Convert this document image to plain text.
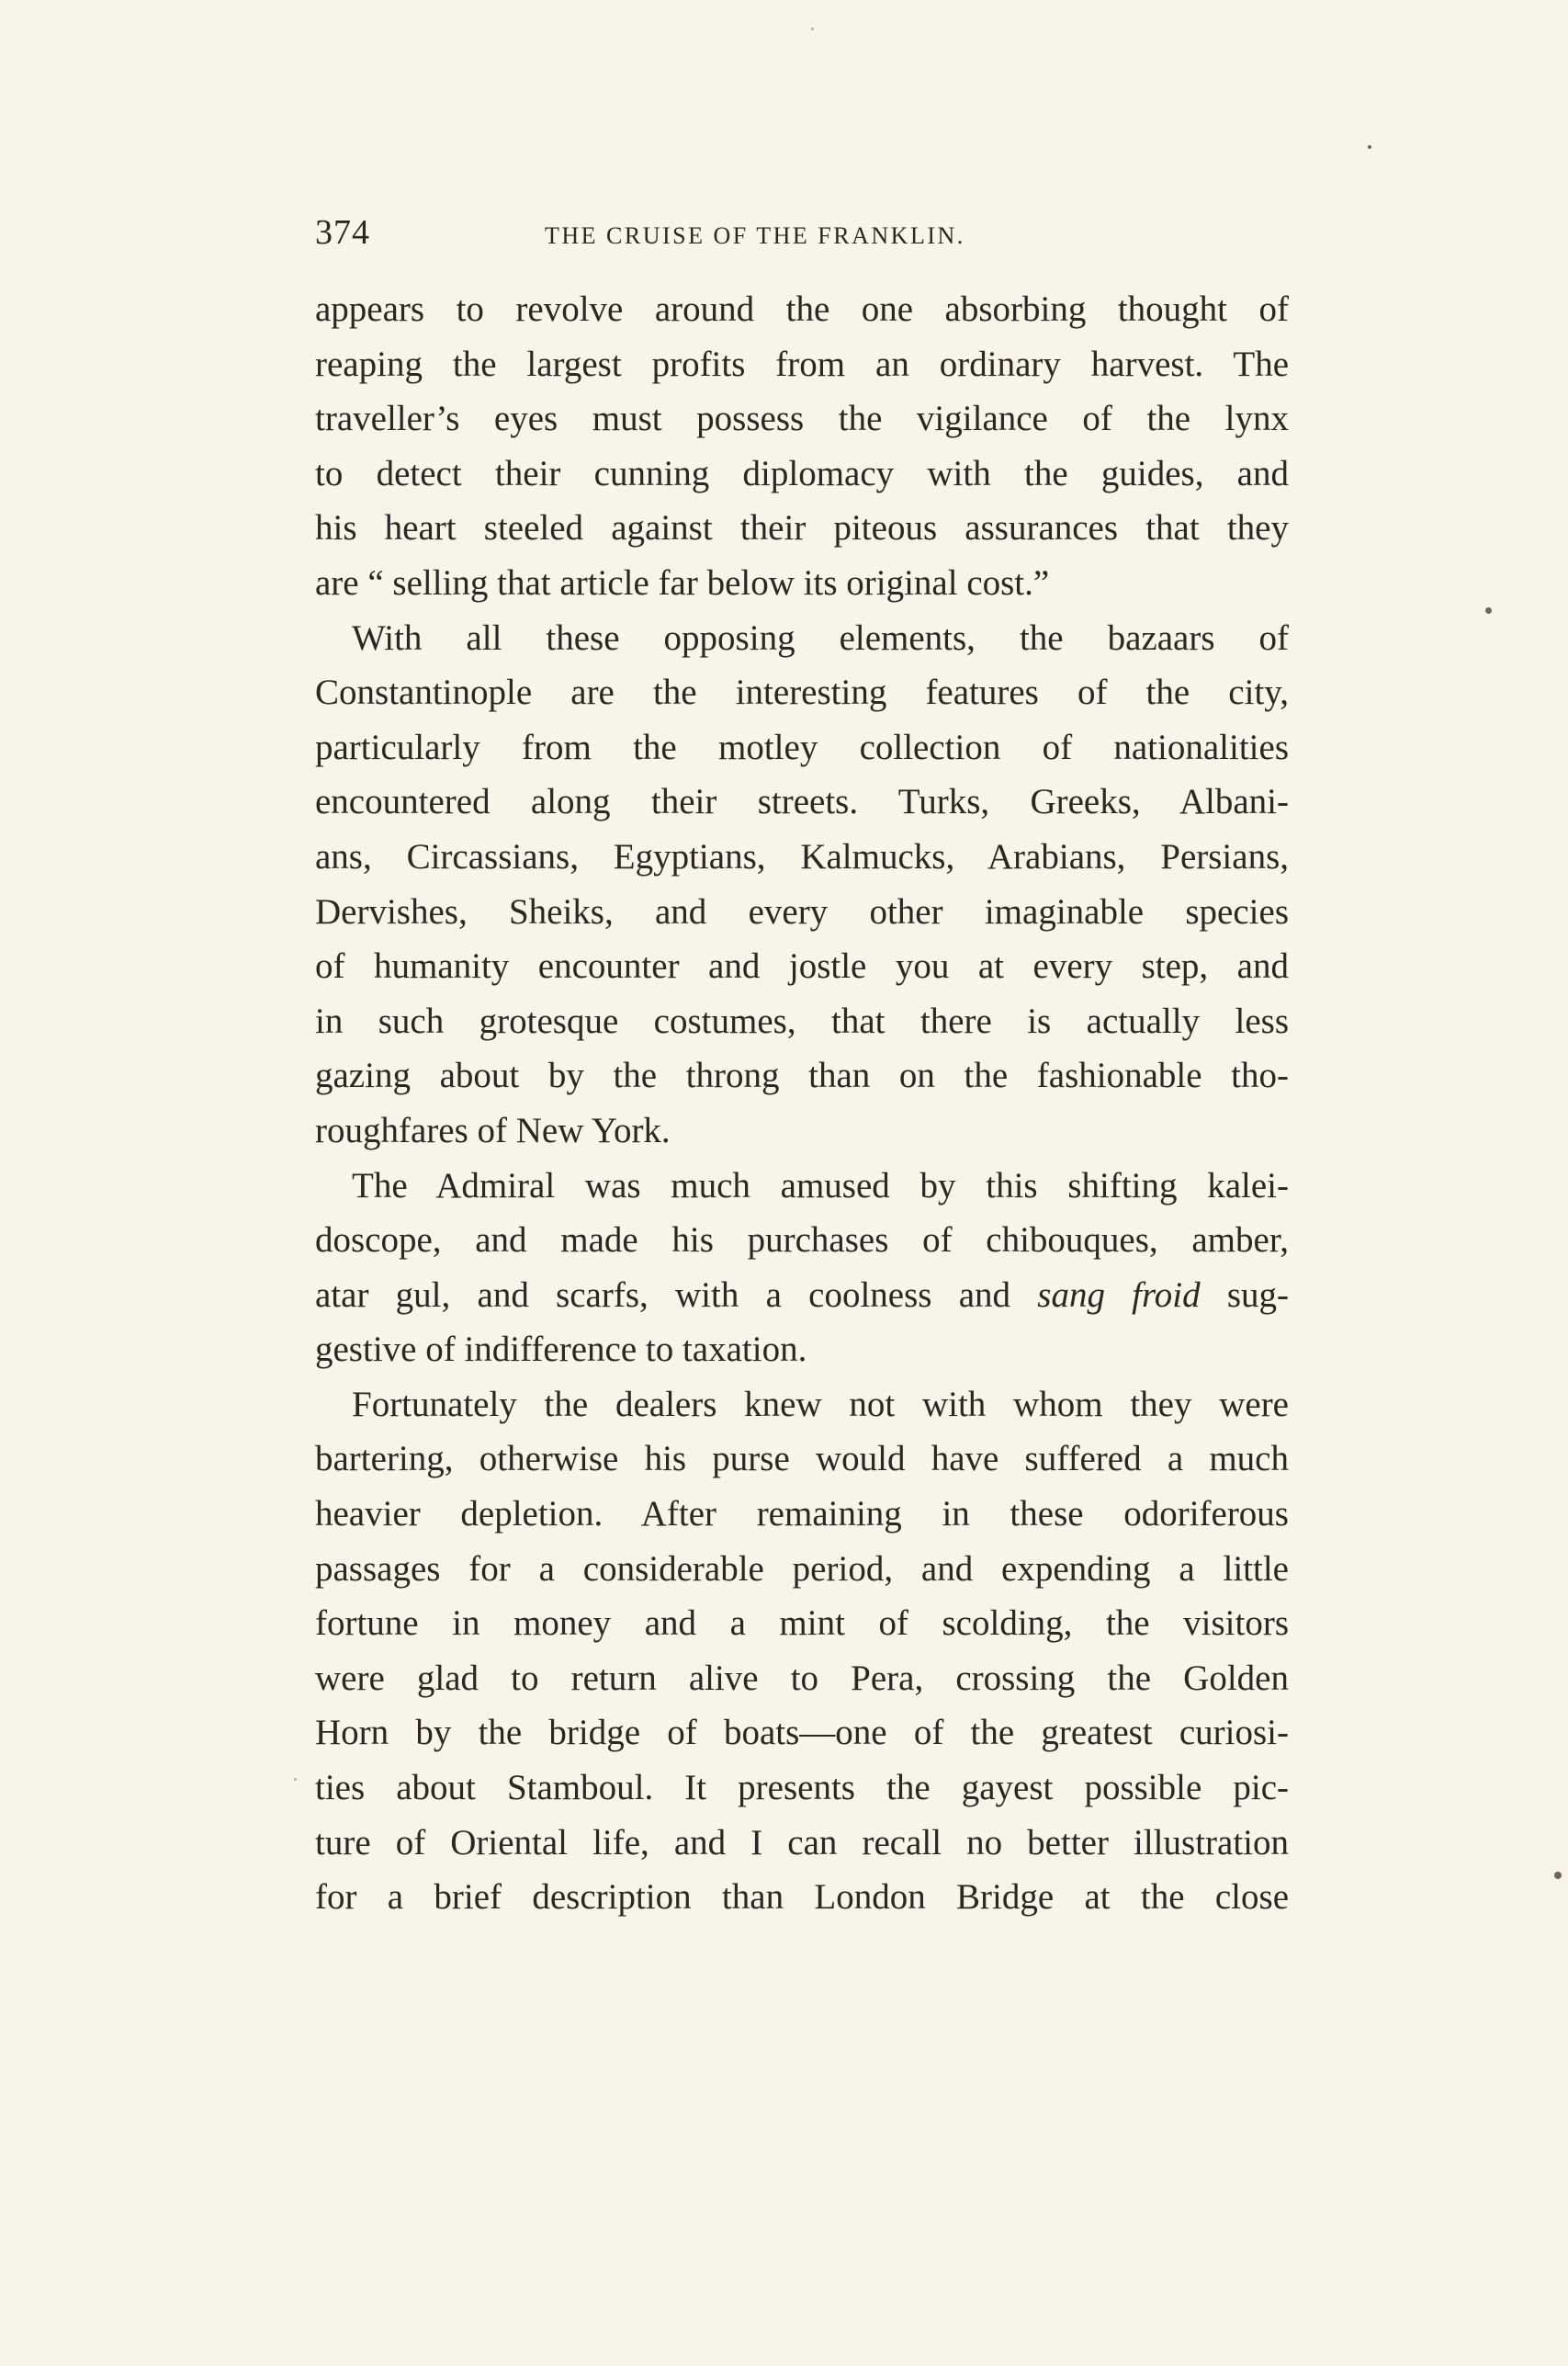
374	THE CRUISE OF THE FRANKLIN.
appears to revolve around the one absorbing thought of
reaping the largest profits from an ordinary harvest. The
traveller’s eyes must possess the vigilance of the lynx
to detect their cunning diplomacy with the guides, and
his heart steeled against their piteous assurances that they
are “ selling that article far below its original cost.”
With all these opposing elements, the bazaars of
Constantinople are the interesting features of the city,
particularly from the motley collection of nationalities
encountered along their streets. Turks, Greeks, Albani-
ans, Circassians, Egyptians, Kalmucks, Arabians, Persians,
Dervishes, Sheiks, and every other imaginable species
of humanity encounter and jostle you at every step, and
in such grotesque costumes, that there is actually less
gazing about by the throng than on the fashionable tho-
roughfares of New York.
The Admiral was much amused by this shifting kalei-
doscope, and made his purchases of chibouques, amber,
atar gul, and scarfs, with a coolness and sang froid sug-
gestive of indifference to taxation.
Fortunately the dealers knew not with whom they were
bartering, otherwise his purse would have suffered a much
heavier depletion. After remaining in these odoriferous
passages for a considerable period, and expending a little
fortune in money and a mint of scolding, the visitors
were glad to return alive to Pera, crossing the Golden
Horn by the bridge of boats—one of the greatest curiosi-
ties about Stamboul. It presents the gayest possible pic-
ture of Oriental life, and I can recall no better illustration
for a brief description than London Bridge at the close
